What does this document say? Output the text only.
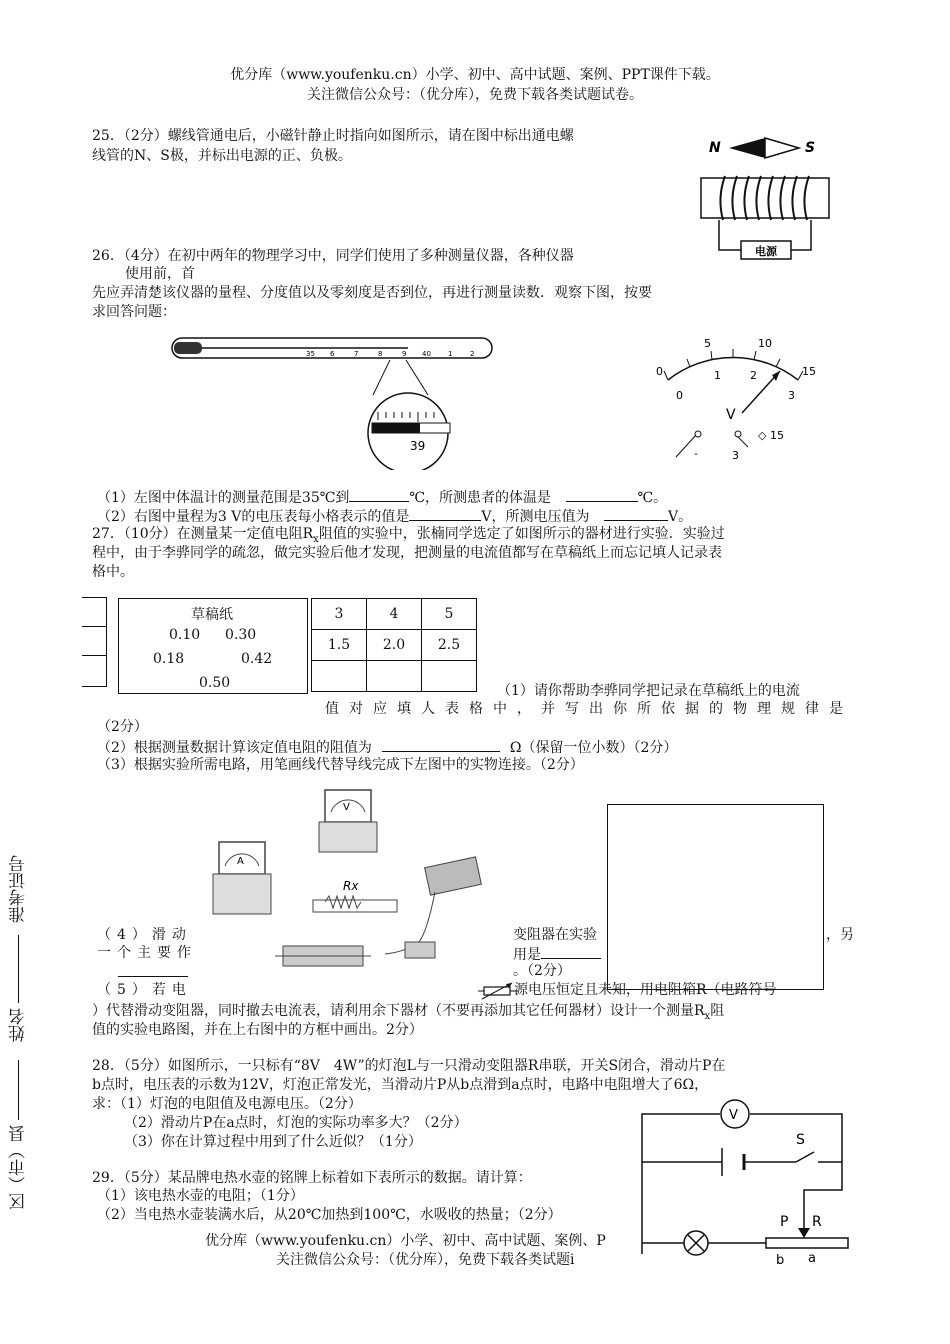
优分库（www.youfenku.cn）小学、初中、高中试题、案例、PPT课件下载。
关注微信公众号：（优分库），免费下载各类试题试卷。
准考证号
姓名
区（市）县
25．（2分）螺线管通电后，小磁针静止时指向如图所示，请在图中标出通电螺
线管的N、S极，并标出电源的正、负极。	N	S
电源
26．（4分）在初中两年的物理学习中，同学们使用了多种测量仪器，各种仪器
使用前，首
先应弄清楚该仪器的量程、分度值以及零刻度是否到位，再进行测量读数．观察下图，按要
求回答问题：
35 6	7	8	9 40 1	2
39
0
5	10
15
0
1	2
3
V
-	3
◇ 15
（1）左图中体温计的测量范围是35℃到	℃，所测患者的体温是	℃。
（2）右图中量程为3 V的电压表每小格表示的值是	V，所测电压值为	V。
27．（10分）在测量某一定值电阻$R_x$阻值的实验中，张楠同学选定了如图所示的器材进行实验．实验过
程中，由于李骅同学的疏忽，做完实验后他才发现，把测量的电流值都写在草稿纸上而忘记填人记录表
格中。
草稿纸
0.10 0.30
0.18	0.42
0.50
3	4	5
1.5	2.0	2.5

（1）请你帮助李骅同学把记录在草稿纸上的电流
值对应填人表格中，并写出你所依据的物理规律是
（2分）
（2）根据测量数据计算该定值电阻的阻值为	Ω（保留一位小数）（2分）
（3）根据实验所需电路，用笔画线代替导线完成下左图中的实物连接。（2分）
V
A
Rx
（4）滑动	变阻器在实验	，另
一个主要作	用是
。（2分）
（5）若电	源电压恒定且未知，用电阻箱R（电路符号
）代替滑动变阻器，同时撤去电流表，请利用余下器材（不要再添加其它任何器材）设计一个测量$R_x$阻
值的实验电路图，并在上右图中的方框中画出。2分）
28．（5分）如图所示，一只标有“8V　4W”的灯泡L与一只滑动变阻器R串联，开关S闭合，滑动片P在
b点时，电压表的示数为12V，灯泡正常发光，当滑动片P从b点滑到a点时，电路中电阻增大了6Ω，
求：（1）灯泡的电阻值及电源电压。（2分）
（2）滑动片P在a点时，灯泡的实际功率多大？（2分）
（3）你在计算过程中用到了什么近似？（1分）
V
S
P R
b a
29．（5分）某品牌电热水壶的铭牌上标着如下表所示的数据。请计算：
（1）该电热水壶的电阻；（1分）
（2）当电热水壶装满水后，从20℃加热到100℃，水吸收的热量；（2分）
优分库（www.youfenku.cn）小学、初中、高中试题、案例、P
关注微信公众号：（优分库），免费下载各类试题i
